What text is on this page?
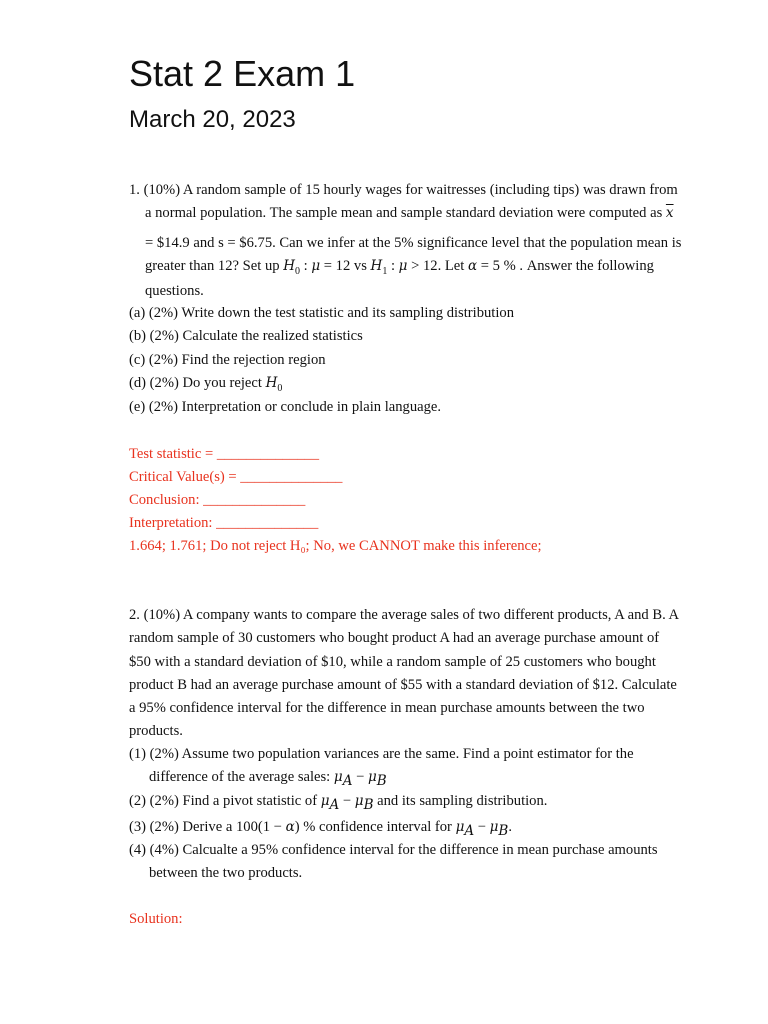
Stat 2 Exam 1
March 20, 2023
1. (10%) A random sample of 15 hourly wages for waitresses (including tips) was drawn from
a normal population. The sample mean and sample standard deviation were computed as $\overline{x}$
= $14.9 and s = $6.75. Can we infer at the 5% significance level that the population mean is
greater than 12? Set up $H_0$ : μ = 12 vs $H_1$ : μ > 12. Let α = 5 % . Answer the following
questions.
(a) (2%) Write down the test statistic and its sampling distribution
(b) (2%) Calculate the realized statistics
(c) (2%) Find the rejection region
(d) (2%) Do you reject $H_0$
(e) (2%) Interpretation or conclude in plain language.
Test statistic = ______________
Critical Value(s) = ______________
Conclusion: ______________
Interpretation: ______________
1.664; 1.761; Do not reject H₀; No, we CANNOT make this inference;
2. (10%) A company wants to compare the average sales of two different products, A and B. A
random sample of 30 customers who bought product A had an average purchase amount of
$50 with a standard deviation of $10, while a random sample of 25 customers who bought
product B had an average purchase amount of $55 with a standard deviation of $12. Calculate
a 95% confidence interval for the difference in mean purchase amounts between the two
products.
(1) (2%) Assume two population variances are the same. Find a point estimator for the
difference of the average sales: $\mu_A - \mu_B$
(2) (2%) Find a pivot statistic of $\mu_A - \mu_B$ and its sampling distribution.
(3) (2%) Derive a 100(1 − α) % confidence interval for $\mu_A - \mu_B$.
(4) (4%) Calcualte a 95% confidence interval for the difference in mean purchase amounts
between the two products.
Solution:
